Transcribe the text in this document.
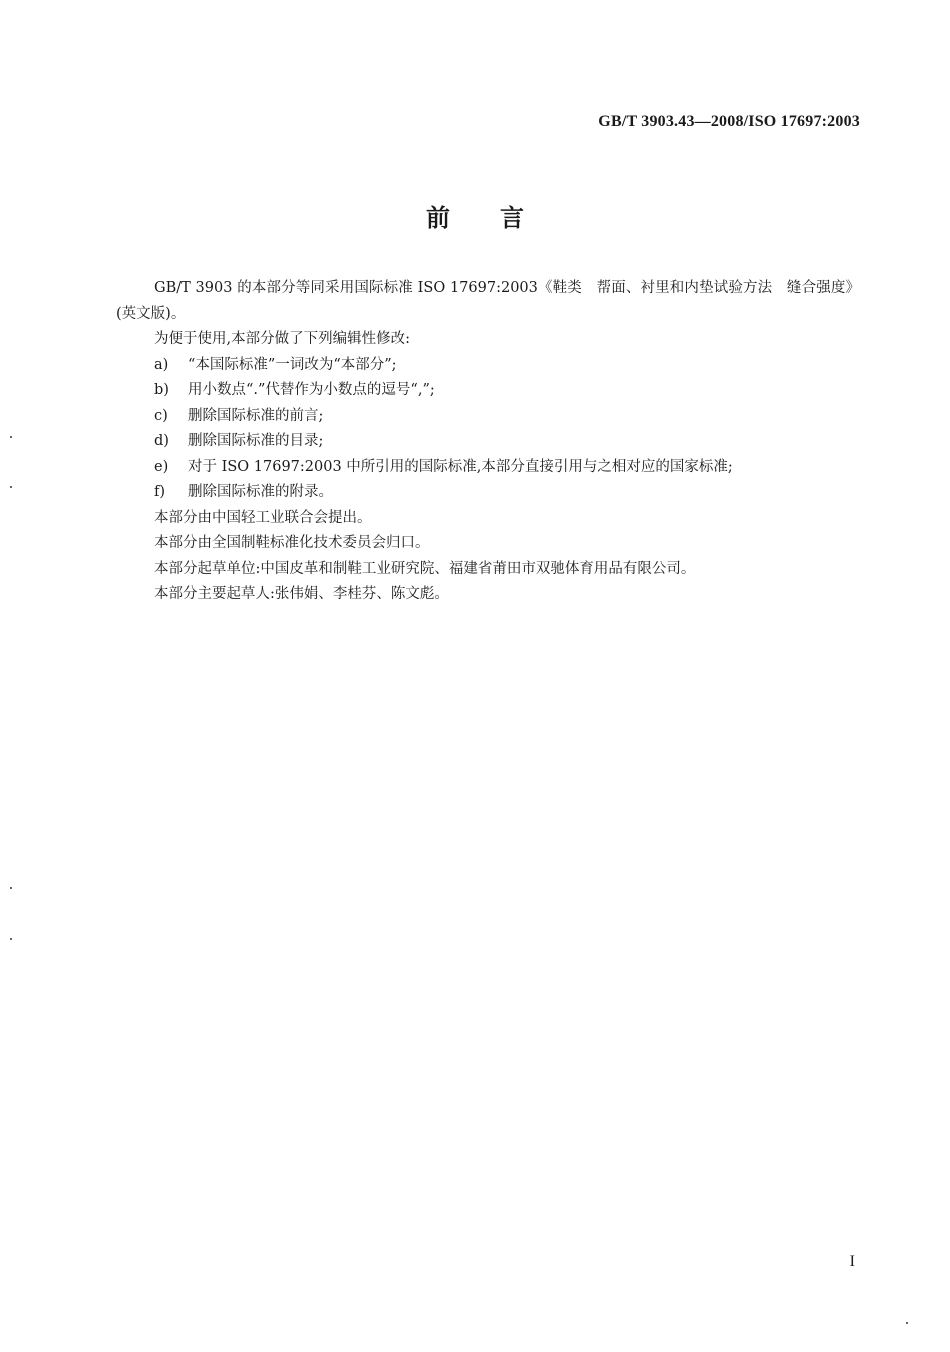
GB/T 3903.43—2008/ISO 17697:2003
前言

GB/T 3903 的本部分等同采用国际标准 ISO 17697:2003《鞋类　帮面、衬里和内垫试验方法　缝合强度》(英文版)。

为便于使用,本部分做了下列编辑性修改:

a)	“本国际标准”一词改为“本部分”;

b)	用小数点“.”代替作为小数点的逗号“,”;

c)	删除国际标准的前言;

d)	删除国际标准的目录;

e)	对于 ISO 17697:2003 中所引用的国际标准,本部分直接引用与之相对应的国家标准;

f)	删除国际标准的附录。

本部分由中国轻工业联合会提出。

本部分由全国制鞋标准化技术委员会归口。

本部分起草单位:中国皮革和制鞋工业研究院、福建省莆田市双驰体育用品有限公司。

本部分主要起草人:张伟娟、李桂芬、陈文彪。

I
